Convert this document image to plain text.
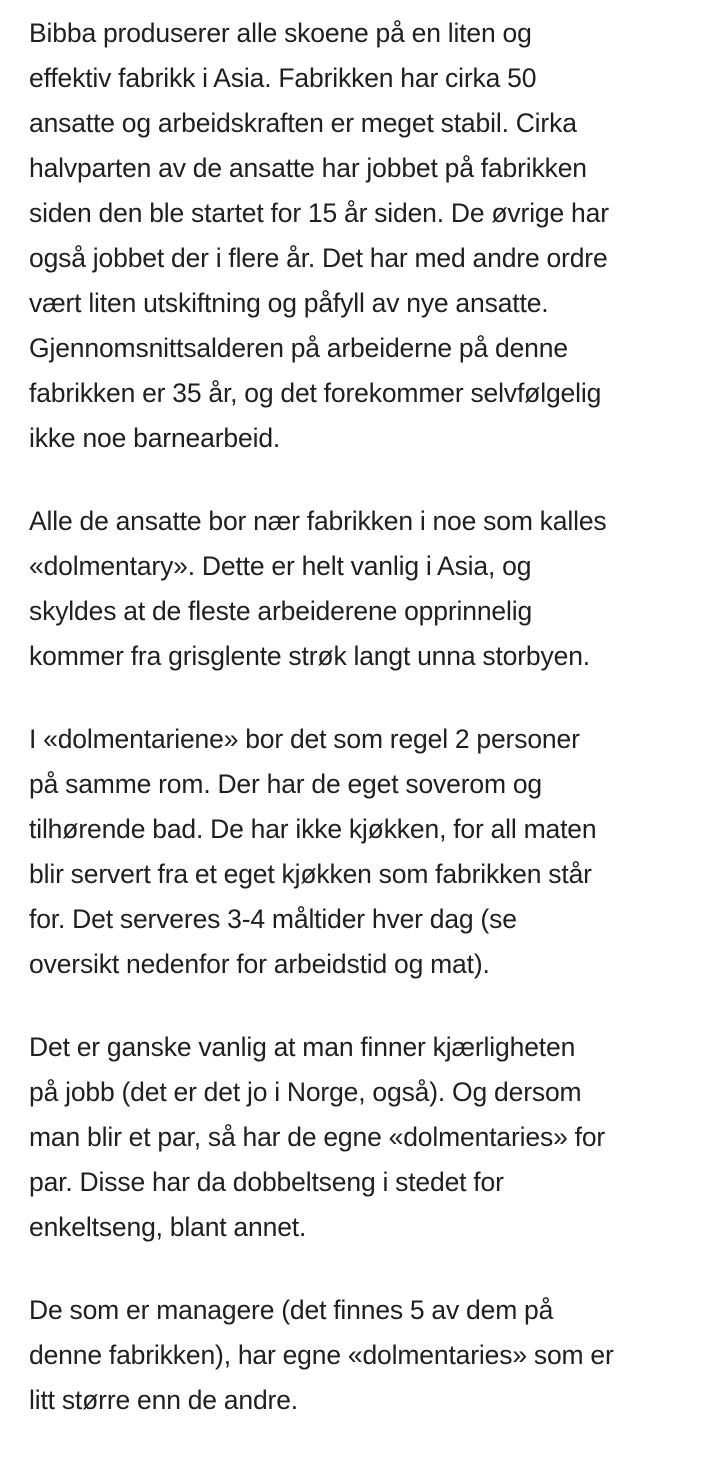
Bibba produserer alle skoene på en liten og
effektiv fabrikk i Asia. Fabrikken har cirka 50
ansatte og arbeidskraften er meget stabil. Cirka
halvparten av de ansatte har jobbet på fabrikken
siden den ble startet for 15 år siden. De øvrige har
også jobbet der i flere år. Det har med andre ordre
vært liten utskiftning og påfyll av nye ansatte.
Gjennomsnittsalderen på arbeiderne på denne
fabrikken er 35 år, og det forekommer selvfølgelig
ikke noe barnearbeid.

Alle de ansatte bor nær fabrikken i noe som kalles
«dolmentary». Dette er helt vanlig i Asia, og
skyldes at de fleste arbeiderene opprinnelig
kommer fra grisglente strøk langt unna storbyen.

I «dolmentariene» bor det som regel 2 personer
på samme rom. Der har de eget soverom og
tilhørende bad. De har ikke kjøkken, for all maten
blir servert fra et eget kjøkken som fabrikken står
for. Det serveres 3-4 måltider hver dag (se
oversikt nedenfor for arbeidstid og mat).

Det er ganske vanlig at man finner kjærligheten
på jobb (det er det jo i Norge, også). Og dersom
man blir et par, så har de egne «dolmentaries» for
par. Disse har da dobbeltseng i stedet for
enkeltseng, blant annet.

De som er managere (det finnes 5 av dem på
denne fabrikken), har egne «dolmentaries» som er
litt større enn de andre.
